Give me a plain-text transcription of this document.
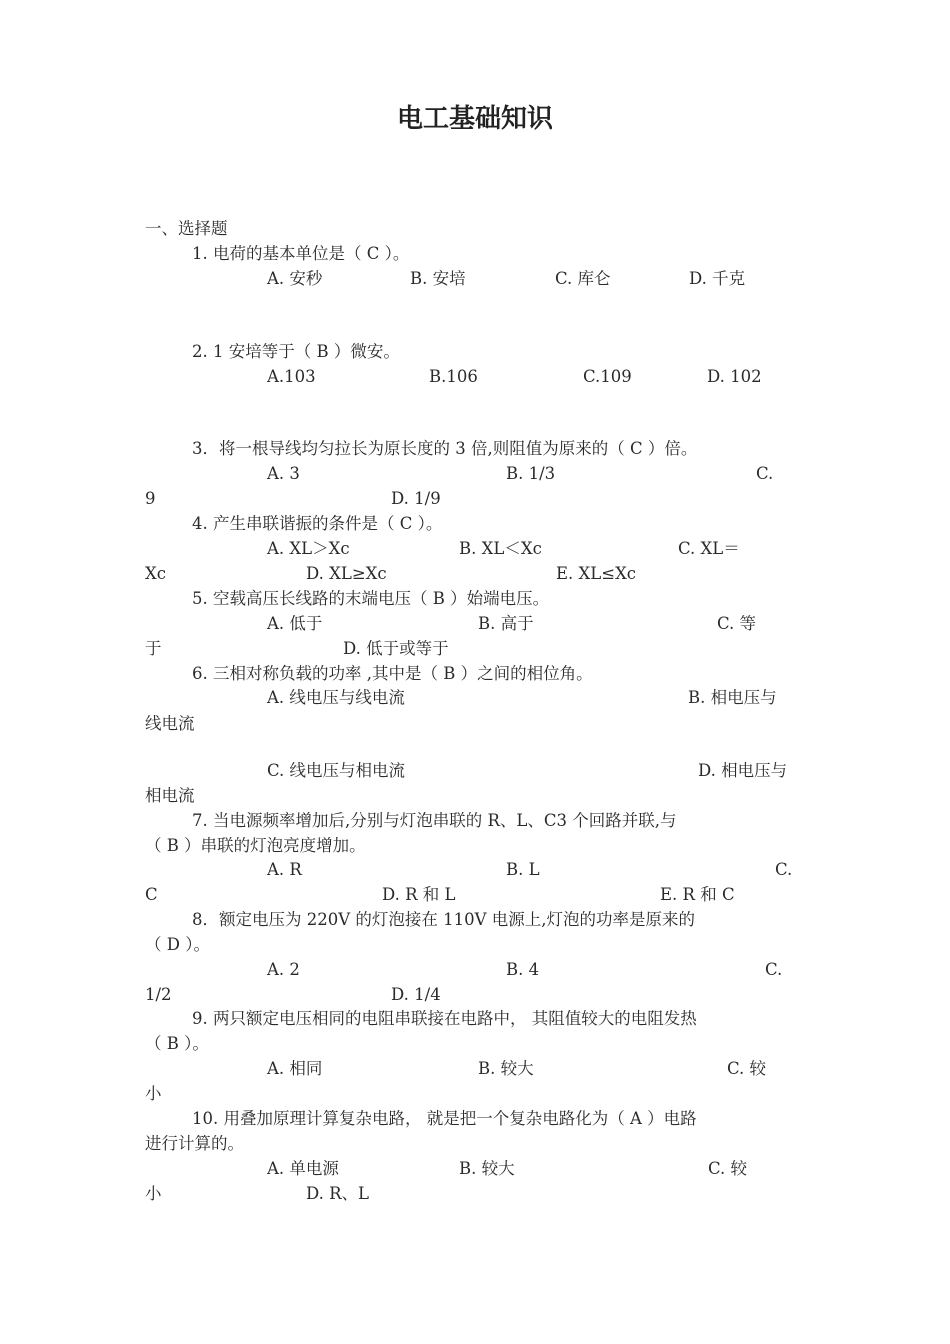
电工基础知识
一、选择题
1. 电荷的基本单位是（ C ）。
A. 安秒	B. 安培	C. 库仑	D. 千克
2. 1 安培等于（ B ）微安。
A.103	B.106	C.109	D. 102
3．将一根导线均匀拉长为原长度的 3 倍,则阻值为原来的（ C ）倍。
A. 3	B. 1/3	C.
9	D. 1/9
4. 产生串联谐振的条件是（ C ）。
A. XL＞Xc	B. XL＜Xc	C. XL＝
Xc	D. XL≥Xc	E. XL≤Xc
5. 空载高压长线路的末端电压（ B ）始端电压。
A. 低于	B. 高于	C. 等
于	D. 低于或等于
6. 三相对称负载的功率 ,其中是（ B ）之间的相位角。
A. 线电压与线电流	B. 相电压与
线电流
C. 线电压与相电流	D. 相电压与
相电流
7. 当电源频率增加后,分别与灯泡串联的 R、L、C3 个回路并联,与
（ B ）串联的灯泡亮度增加。
A. R	B. L	C.
C	D. R 和 L	E. R 和 C
8．额定电压为 220V 的灯泡接在 110V 电源上,灯泡的功率是原来的
（ D ）。
A. 2	B. 4	C.
1/2	D. 1/4
9. 两只额定电压相同的电阻串联接在电路中， 其阻值较大的电阻发热
（ B ）。
A. 相同	B. 较大	C. 较
小
10. 用叠加原理计算复杂电路， 就是把一个复杂电路化为（ A ）电路
进行计算的。
A. 单电源	B. 较大	C. 较
小	D. R、L
